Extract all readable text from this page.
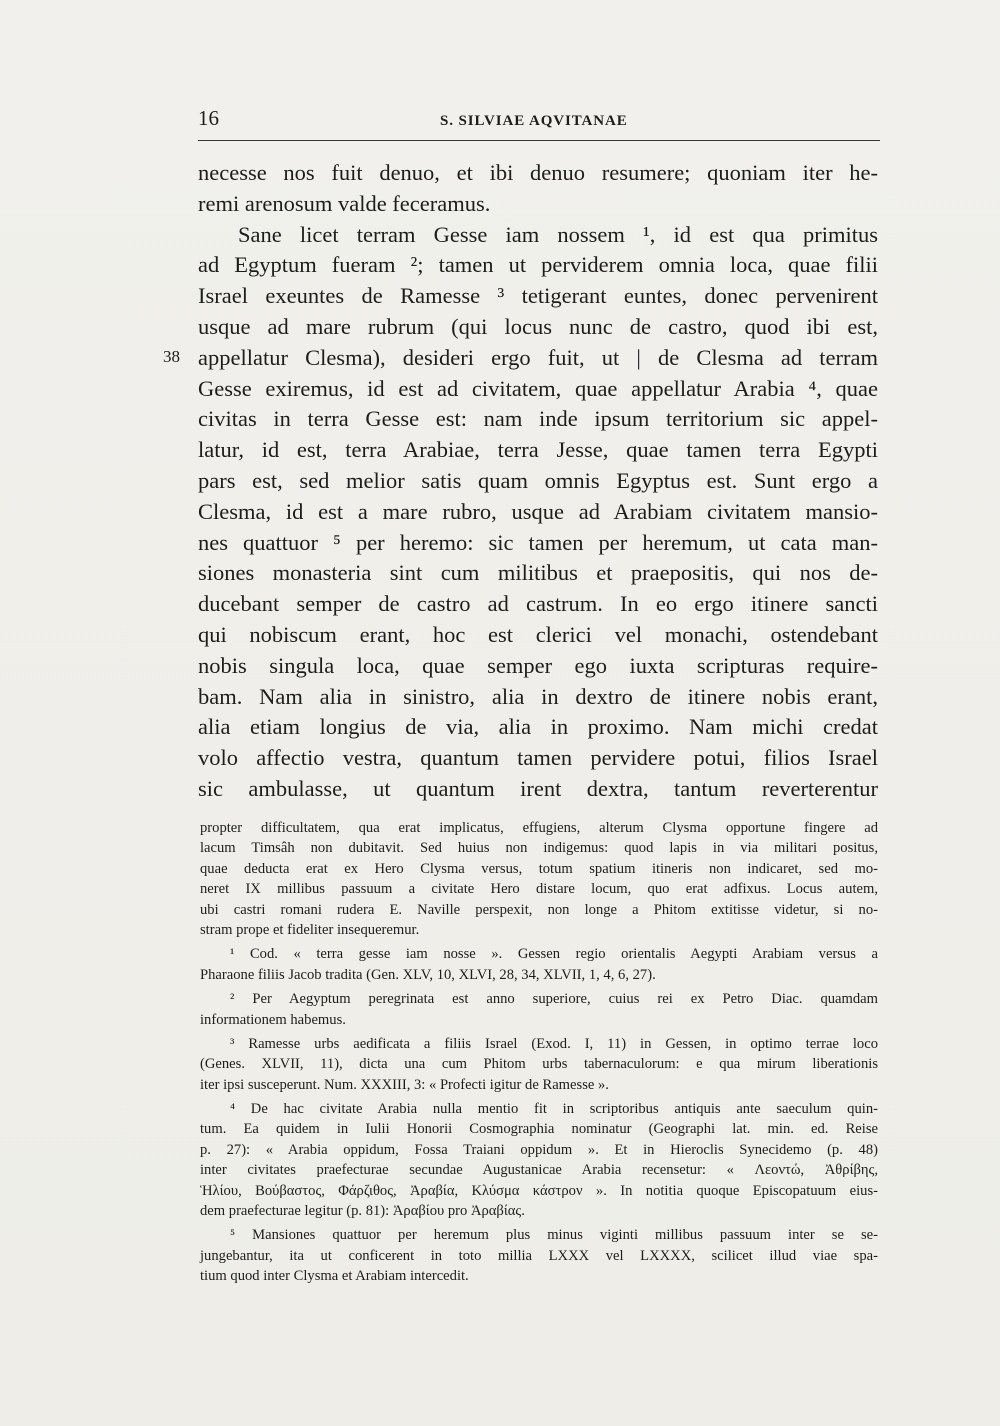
16	S. SILVIAE AQVITANAE
38
necesse nos fuit denuo, et ibi denuo resumere; quoniam iter he-
remi arenosum valde feceramus.
Sane licet terram Gesse iam nossem ¹, id est qua primitus
ad Egyptum fueram ²; tamen ut perviderem omnia loca, quae filii
Israel exeuntes de Ramesse ³ tetigerant euntes, donec pervenirent
usque ad mare rubrum (qui locus nunc de castro, quod ibi est,
appellatur Clesma), desideri ergo fuit, ut | de Clesma ad terram
Gesse exiremus, id est ad civitatem, quae appellatur Arabia ⁴, quae
civitas in terra Gesse est: nam inde ipsum territorium sic appel-
latur, id est, terra Arabiae, terra Jesse, quae tamen terra Egypti
pars est, sed melior satis quam omnis Egyptus est. Sunt ergo a
Clesma, id est a mare rubro, usque ad Arabiam civitatem mansio-
nes quattuor ⁵ per heremo: sic tamen per heremum, ut cata man-
siones monasteria sint cum militibus et praepositis, qui nos de-
ducebant semper de castro ad castrum. In eo ergo itinere sancti
qui nobiscum erant, hoc est clerici vel monachi, ostendebant
nobis singula loca, quae semper ego iuxta scripturas require-
bam. Nam alia in sinistro, alia in dextro de itinere nobis erant,
alia etiam longius de via, alia in proximo. Nam michi credat
volo affectio vestra, quantum tamen pervidere potui, filios Israel
sic ambulasse, ut quantum irent dextra, tantum reverterentur
propter difficultatem, qua erat implicatus, effugiens, alterum Clysma opportune fingere ad
lacum Timsâh non dubitavit. Sed huius non indigemus: quod lapis in via militari positus,
quae deducta erat ex Hero Clysma versus, totum spatium itineris non indicaret, sed mo-
neret IX millibus passuum a civitate Hero distare locum, quo erat adfixus. Locus autem,
ubi castri romani rudera E. Naville perspexit, non longe a Phitom extitisse videtur, si no-
stram prope et fideliter insequeremur.
¹ Cod. « terra gesse iam nosse ». Gessen regio orientalis Aegypti Arabiam versus a
Pharaone filiis Jacob tradita (Gen. XLV, 10, XLVI, 28, 34, XLVII, 1, 4, 6, 27).
² Per Aegyptum peregrinata est anno superiore, cuius rei ex Petro Diac. quamdam
informationem habemus.
³ Ramesse urbs aedificata a filiis Israel (Exod. I, 11) in Gessen, in optimo terrae loco
(Genes. XLVII, 11), dicta una cum Phitom urbs tabernaculorum: e qua mirum liberationis
iter ipsi susceperunt. Num. XXXIII, 3: « Profecti igitur de Ramesse ».
⁴ De hac civitate Arabia nulla mentio fit in scriptoribus antiquis ante saeculum quin-
tum. Ea quidem in Iulii Honorii Cosmographia nominatur (Geographi lat. min. ed. Reise
p. 27): « Arabia oppidum, Fossa Traiani oppidum ». Et in Hieroclis Synecidemo (p. 48)
inter civitates praefecturae secundae Augustanicae Arabia recensetur: « Λεοντώ, Ἀθρίβης,
Ἡλίου, Βούβαστος, Φάρζιθος, Ἀραβία, Κλύσμα κάστρον ». In notitia quoque Episcopatuum eius-
dem praefecturae legitur (p. 81): Ἀραβίου pro Ἀραβίας.
⁵ Mansiones quattuor per heremum plus minus viginti millibus passuum inter se se-
jungebantur, ita ut conficerent in toto millia LXXX vel LXXXX, scilicet illud viae spa-
tium quod inter Clysma et Arabiam intercedit.
